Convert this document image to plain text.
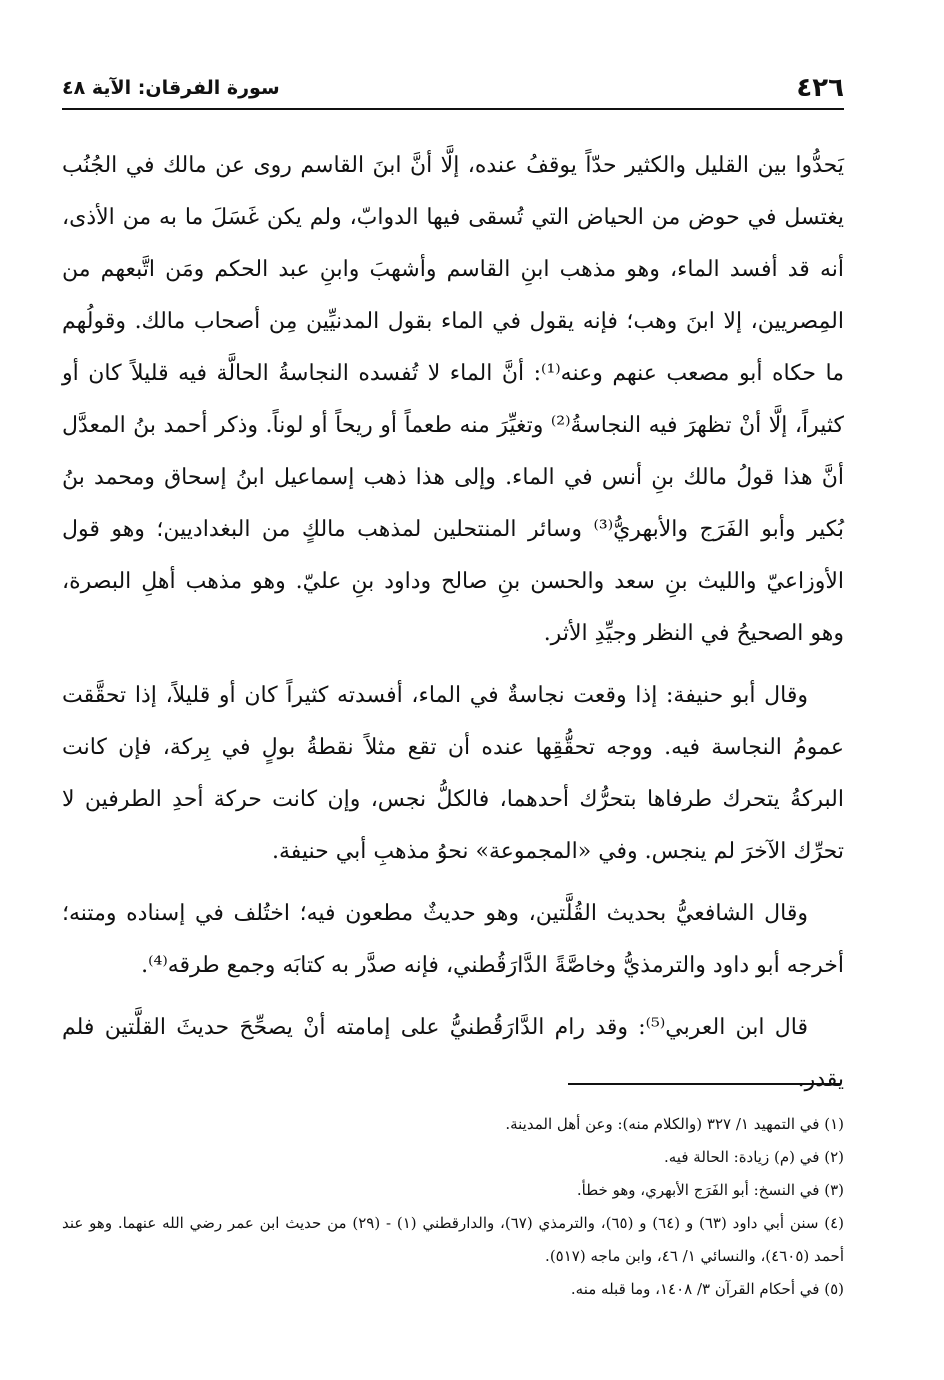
٤٢٦
سورة الفرقان: الآية ٤٨

يَحدُّوا بين القليل والكثير حدّاً يوقفُ عنده، إلَّا أنَّ ابنَ القاسم روى عن مالك في الجُنُب يغتسل في حوض من الحياض التي تُسقى فيها الدوابّ، ولم يكن غَسَلَ ما به من الأذى، أنه قد أفسد الماء، وهو مذهب ابنِ القاسم وأشهبَ وابنِ عبد الحكم ومَن اتَّبعهم من المِصريين، إلا ابنَ وهب؛ فإنه يقول في الماء بقول المدنيِّين مِن أصحاب مالك. وقولُهم ما حكاه أبو مصعب عنهم وعنه⁽¹⁾: أنَّ الماء لا تُفسده النجاسةُ الحالَّة فيه قليلاً كان أو كثيراً، إلَّا أنْ تظهرَ فيه النجاسةُ⁽²⁾ وتغيِّرَ منه طعماً أو ريحاً أو لوناً. وذكر أحمد بنُ المعدَّل أنَّ هذا قولُ مالك بنِ أنس في الماء. وإلى هذا ذهب إسماعيل ابنُ إسحاق ومحمد بنُ بُكير وأبو الفَرَج والأبهريُّ⁽³⁾ وسائر المنتحلين لمذهب مالكٍ من البغداديين؛ وهو قول الأوزاعيّ والليث بنِ سعد والحسن بنِ صالح وداود بنِ عليّ. وهو مذهب أهلِ البصرة، وهو الصحيحُ في النظر وجيِّدِ الأثر.

وقال أبو حنيفة: إذا وقعت نجاسةٌ في الماء، أفسدته كثيراً كان أو قليلاً، إذا تحقَّقت عمومُ النجاسة فيه. ووجه تحقُّقِها عنده أن تقع مثلاً نقطةُ بولٍ في بِركة، فإن كانت البركةُ يتحرك طرفاها بتحرُّك أحدهما، فالكلُّ نجس، وإن كانت حركة أحدِ الطرفين لا تحرِّك الآخرَ لم ينجس. وفي «المجموعة» نحوُ مذهبِ أبي حنيفة.

وقال الشافعيُّ بحديث القُلَّتين، وهو حديثٌ مطعون فيه؛ اختُلف في إسناده ومتنه؛ أخرجه أبو داود والترمذيُّ وخاصَّةً الدَّارَقُطني، فإنه صدَّر به كتابَه وجمع طرقه⁽⁴⁾.

قال ابن العربي⁽⁵⁾: وقد رام الدَّارَقُطنيُّ على إمامته أنْ يصحِّحَ حديثَ القلَّتين فلم يقدر.

(١) في التمهيد ١/ ٣٢٧ (والكلام منه): وعن أهل المدينة.

(٢) في (م) زيادة: الحالة فيه.

(٣) في النسخ: أبو الفَرَج الأبهري، وهو خطأ.

(٤) سنن أبي داود (٦٣) و (٦٤) و (٦٥)، والترمذي (٦٧)، والدارقطني (١) - (٢٩) من حديث ابن عمر رضي الله عنهما. وهو عند أحمد (٤٦٠٥)، والنسائي ١/ ٤٦، وابن ماجه (٥١٧).

(٥) في أحكام القرآن ٣/ ١٤٠٨، وما قبله منه.
